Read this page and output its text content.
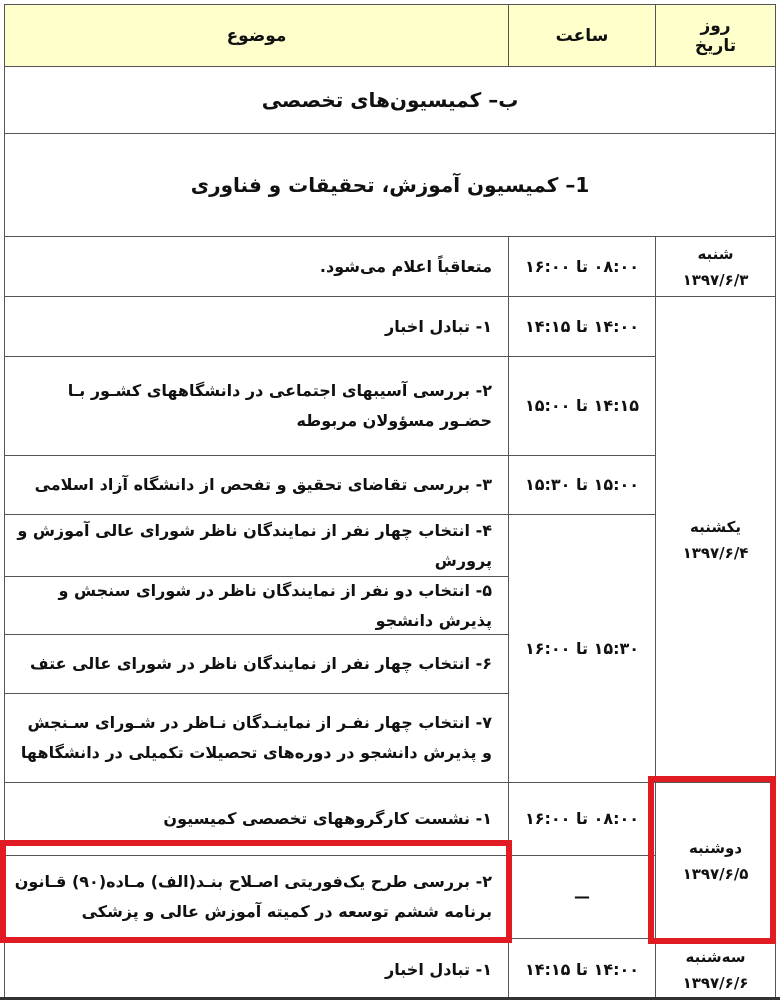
موضوع	ساعت	روز
تاریخ
ب– کمیسیون‌های تخصصی
1– کمیسیون آموزش، تحقیقات و فناوری
شنبه
۱۳۹۷/۶/۳
یکشنبه
۱۳۹۷/۶/۴
دوشنبه
۱۳۹۷/۶/۵
سه‌شنبه
۱۳۹۷/۶/۶
۰۸:۰۰ تا ۱۶:۰۰
۱۴:۰۰ تا ۱۴:۱۵
۱۴:۱۵ تا ۱۵:۰۰
۱۵:۰۰ تا ۱۵:۳۰
۱۵:۳۰ تا ۱۶:۰۰
۰۸:۰۰ تا ۱۶:۰۰
—
۱۴:۰۰ تا ۱۴:۱۵
متعاقباً اعلام می‌شود.
۱- تبادل اخبار
۲- بررسی آسیبهای اجتماعی در دانشگاههای کشـور بـا حضـور مسؤولان مربوطه
۳- بررسی تقاضای تحقیق و تفحص از دانشگاه آزاد اسلامی
۴- انتخاب چهار نفر از نمایندگان ناظر شورای عالی آموزش و پرورش
۵- انتخاب دو نفر از نمایندگان ناظر در شورای سنجش و پذیرش دانشجو
۶- انتخاب چهار نفر از نمایندگان ناظر در شورای عالی عتف
۷- انتخاب چهار نفـر از نماینـدگان نـاظر در شـورای سـنجش و پذیرش دانشجو در دوره‌های تحصیلات تکمیلی در دانشگاهها
۱- نشست کارگروههای تخصصی کمیسیون
۲- بررسی طرح یک‌فوریتی اصـلاح بنـد(الف) مـاده(۹۰) قـانون برنامه ششم توسعه در کمیته آموزش عالی و پزشکی
۱- تبادل اخبار
